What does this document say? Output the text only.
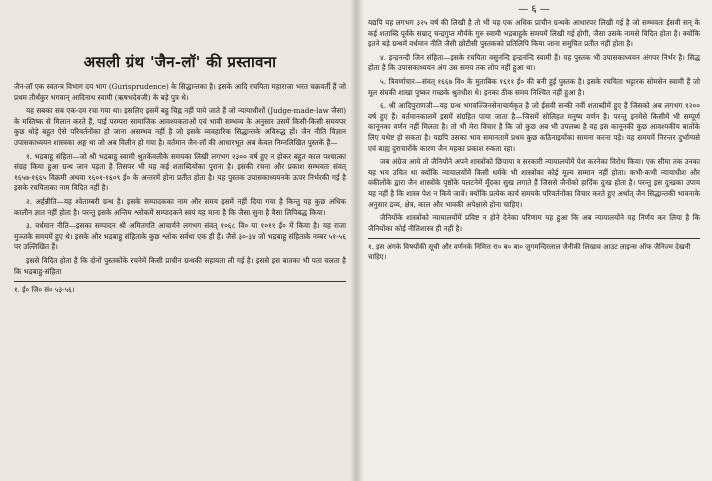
असली ग्रंथ 'जैन-लॉ' की प्रस्तावना

जैन-लॉ एक स्वतन्त्र विभाग दय भाग (Gurisprudence) के सिद्धान्तका है। इसके आदि रचयिता महाराजा भरत चक्रवर्ती हैं जो प्रथम तीर्थंकुर भगवान् आदिनाथ स्वामी (ऋषभदेवजी) के बड़े पुत्र थे।

यह सबका सब एक-दम रचा गया था। इसलिए इसमें बहु चिह्न नहीं पाये जाते हैं जो न्यायाधीशों (Judge-made-law जैसा) के मस्तिष्क से मिलान करते हैं, पाई परम्परा सामाजिक आवश्यकताओं एवं भावी सम्भव्य के अनुसार उसमें किसी-किसी समयपर कुछ थोड़े बहुत ऐसे परिवर्तनोंका हो जाना असम्भव नहीं है जो इसके व्यवहारिक सिद्धान्तके अविरुद्ध हों। जैन नीति विज्ञान उपासकाध्ययन शास्त्रका अङ्ग था जो अब विलीन हो गया है। वर्तमान जैन-लॉ की आधारभूत अब केवल निम्नलिखित पुस्तकें हैं—

१. भद्रबाहु संहिता—जो श्री भद्रबाहु स्वामी श्रुतकेवलीके समयका लिखी लगभग २३०० वर्ष हुए न होकर बहुत काल पश्चात्का संग्रह किया हुआ ग्रन्थ जान पड़ता है तिसपर भी यह कई शताब्दियोंका पुराना है। इसकी रचना और प्रकाश सम्भवतः संवत् १६५७-१६६५ विक्रमी अथवा १६०१-१६०९ ई० के अन्तरमें होना प्रतीत होता है। यह पुस्तक उपासकाध्ययनके ऊपर निर्भरकी गई है इसके रचयिताका नाम विदित नहीं है।

२. अर्हन्नीति—यह श्वेताम्बरी ग्रन्थ है। इसके सम्पादकका नाम और समय इसमें नहीं दिया गया है किन्तु यह कुछ अधिक कालीन ज्ञात नहीं होता है। परन्तु इसके अन्तिम श्लोकमें सम्पादकने स्वयं यह माना है कि जैसा सुना है वैसा लिपिबद्ध किया।

३. वर्धमान नीति—इसका सम्पादन श्री अमितगति आचार्यने लगभग संवत् १०६८ वि० या १०११ ई० में किया है। यह राजा मुञ्जके समयमें हुए थे। इसके और भद्रबाहु संहिताके कुछ श्लोक सर्वथा एक ही हैं। जैसे ३०-३४ जो भद्रबाहु संहिताके नम्बर ५१-५६ पर उल्लिखित हैं।

इससे विदित होता है कि दोनों पुस्तकोंके रचनेमें किसी प्राचीन ग्रन्थकी सहायता ली गई है। इससे इस बातका भी पता चलता है कि भद्रबाहु-संहिता

१. ई० जि० सं० ५३-५६।

— ६ —

यद्यपि यह लगभग ३२५ वर्ष की लिखी है तो भी यह एक अधिक प्राचीन ग्रन्थके आधारपर लिखी गई है जो सम्भवतः ईसवी सन् के कई शताब्दि पूर्वके सम्राट् चन्द्रगुप्त मौर्यके गुरु स्वामी भद्रबाहुके समयमें लिखी गई होगी, जैसा उसके नामसे विदित होता है। क्योंकि इतने बड़े ग्रन्थमें वर्धमान नीति जैसी छोटीसी पुस्तकको प्रतिलिपि किया जाना समुचित प्रतीत नहीं होता है।

४. इन्द्रनन्दी जिन संहिता—इसके रचयिता वसुनन्दि इन्द्रनन्दि स्वामी हैं। यह पुस्तक भी उपासकाध्ययन अंगपर निर्भर है। सिद्ध होता है कि उपासकाध्ययन अंग उस समय तक लोप नहीं हुआ था।

५. त्रिवर्णाचार—संवत् १६६७ वि० के मुताबिक १६११ ई० की बनी हुई पुस्तक है। इसके रचयिता भट्टारक सोमसेन स्वामी हैं जो मूल संघकी शाखा पुष्कर गच्छके श्रुतधीश थे। इनका ठीक समय निश्चित नहीं हुआ है।

६. श्री आदिपुराणजी—यह ग्रन्थ भगवज्जिनसेनाचार्यकृत है जो ईसवी सन्की नवीं शताब्दीमें हुए हैं जिसको अब लगभग १२०० वर्ष हुए हैं। वर्तमानकालमें इसमें संग्रहित पाया जाता है—जिसमें सोलिहत मनुष्य वर्णन है। परन्तु इनमेंसे किसीमें भी सम्पूर्ण कानूनका वर्णन नहीं मिलता है। तो भी मेरा विचार है कि जो कुछ अब भी उपलब्ध है वह इस कानूनकी कुछ आवश्यकीय बातोंके लिए यथेष्ट हो सकता है। यद्यपि उसका भाव समानतामें प्रथम कुछ कठिनाइयोंका सामना करना पड़े। यह समयमें निरन्तर दुर्भाग्यसे एवं बाह्य दुराचारोंके कारण जैन महका प्रकाश रुकता रहा।

जब अंग्रेज आये तो जैनियोंने अपने शास्त्रोंको छिपाया व सरकारी न्यायालयोंमें पेश करनेका विरोध किया। एक सीमा तक उनका यह भय उचित था क्योंकि न्यायालयोंमें किसी धर्मके भी शास्त्रोंका कोई मूल्य सम्मान नहीं होता। कभी-कभी न्यायाधीश और वकीलोंके द्वारा जैन शास्त्रोंके पृष्ठोंके पलटनेमें मूँदका सुख लगाते हैं जिससे जैनोंको हार्दिक दुःख होता है। परन्तु इस दुःखका उपाय यह नहीं है कि शास्त्र पेश न किये जावें। क्योंकि प्रत्येक कार्य समयके परिवर्तनोंका विचार करते हुए अर्थात् जैन सिद्धान्तकी भावनाके अनुसार द्रव्य, क्षेत्र, काल और भावकी अपेक्षासे होना चाहिए।

जैनियोंके शास्त्रोंको न्यायालयोंमें प्रविष्ट न होने देनेका परिणाम यह हुआ कि अब न्यायालयोंने यह निर्णय कर लिया है कि जैनियोंका कोई नीतिशास्त्र ही नहीं है।

१. इस अंगके विषयोंकी सूची और वर्णनके निमित्त रा० ब० बा० जुगमन्दिरलाल जैनीकी लिखाव आउट लाइन्स ऑफ जैनिज्म देखनी चाहिए।
